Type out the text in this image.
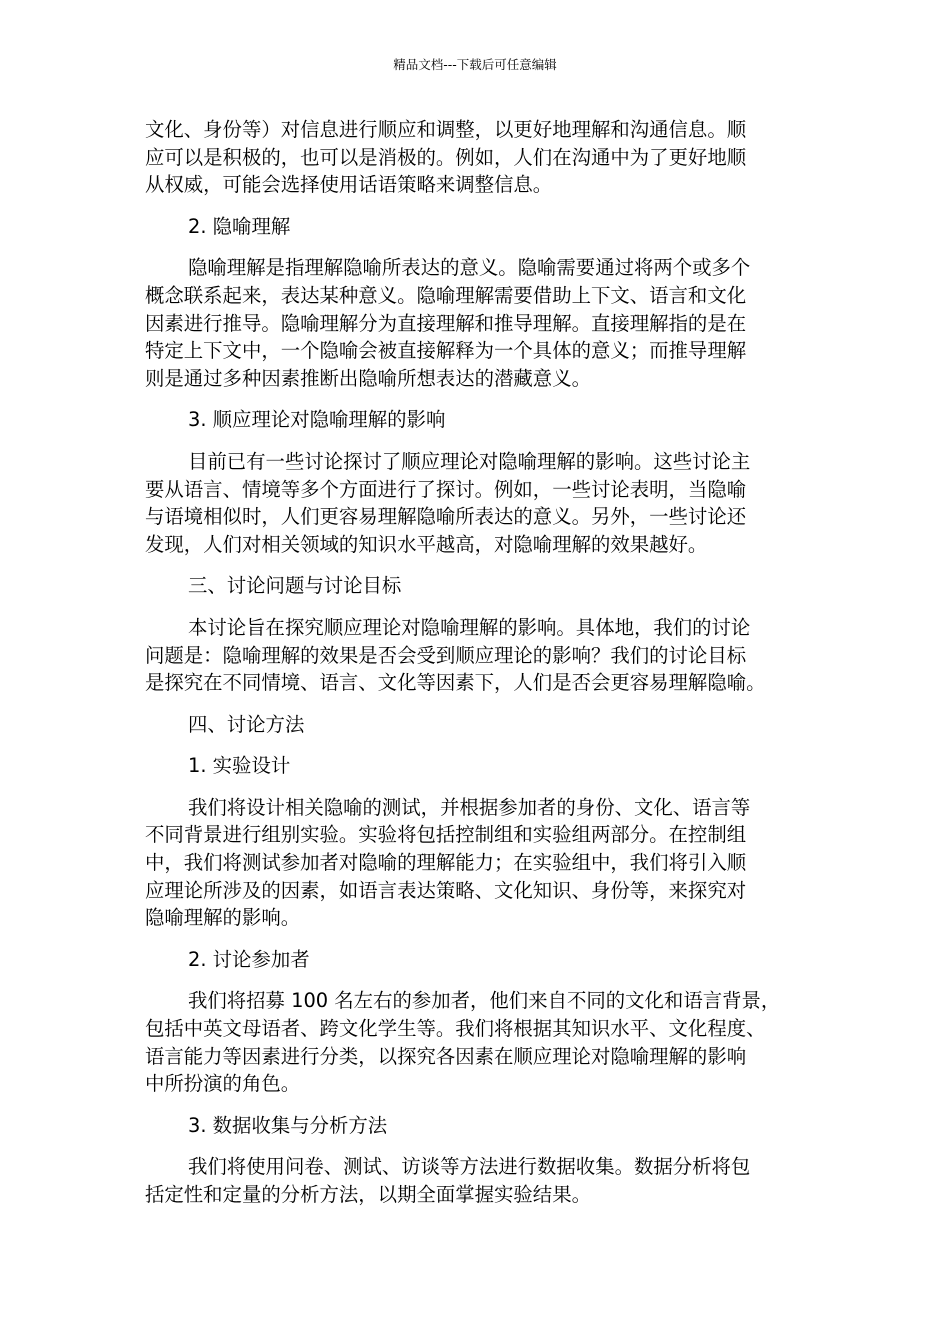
精品文档---下载后可任意编辑
文化、身份等）对信息进行顺应和调整，以更好地理解和沟通信息。顺
应可以是积极的，也可以是消极的。例如，人们在沟通中为了更好地顺
从权威，可能会选择使用话语策略来调整信息。
2. 隐喻理解
隐喻理解是指理解隐喻所表达的意义。隐喻需要通过将两个或多个
概念联系起来，表达某种意义。隐喻理解需要借助上下文、语言和文化
因素进行推导。隐喻理解分为直接理解和推导理解。直接理解指的是在
特定上下文中，一个隐喻会被直接解释为一个具体的意义；而推导理解
则是通过多种因素推断出隐喻所想表达的潜藏意义。
3. 顺应理论对隐喻理解的影响
目前已有一些讨论探讨了顺应理论对隐喻理解的影响。这些讨论主
要从语言、情境等多个方面进行了探讨。例如，一些讨论表明，当隐喻
与语境相似时，人们更容易理解隐喻所表达的意义。另外，一些讨论还
发现，人们对相关领域的知识水平越高，对隐喻理解的效果越好。
三、讨论问题与讨论目标
本讨论旨在探究顺应理论对隐喻理解的影响。具体地，我们的讨论
问题是：隐喻理解的效果是否会受到顺应理论的影响？我们的讨论目标
是探究在不同情境、语言、文化等因素下，人们是否会更容易理解隐喻。
四、讨论方法
1. 实验设计
我们将设计相关隐喻的测试，并根据参加者的身份、文化、语言等
不同背景进行组别实验。实验将包括控制组和实验组两部分。在控制组
中，我们将测试参加者对隐喻的理解能力；在实验组中，我们将引入顺
应理论所涉及的因素，如语言表达策略、文化知识、身份等，来探究对
隐喻理解的影响。
2. 讨论参加者
我们将招募 100 名左右的参加者，他们来自不同的文化和语言背景，
包括中英文母语者、跨文化学生等。我们将根据其知识水平、文化程度、
语言能力等因素进行分类，以探究各因素在顺应理论对隐喻理解的影响
中所扮演的角色。
3. 数据收集与分析方法
我们将使用问卷、测试、访谈等方法进行数据收集。数据分析将包
括定性和定量的分析方法，以期全面掌握实验结果。
